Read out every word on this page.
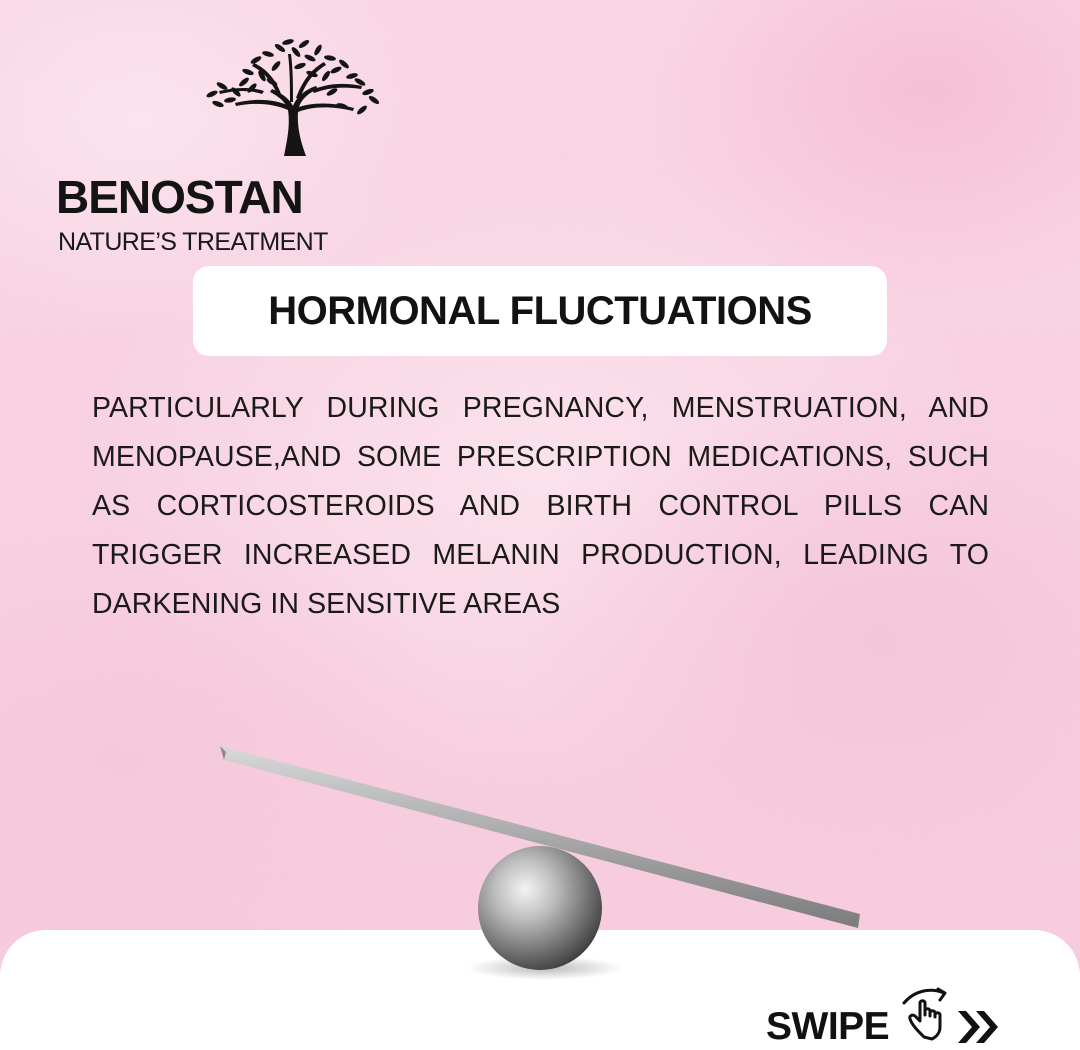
BENOSTAN
NATURE’S TREATMENT
HORMONAL FLUCTUATIONS

PARTICULARLY DURING PREGNANCY, MENSTRUATION, AND MENOPAUSE,AND SOME PRESCRIPTION MEDICATIONS, SUCH AS CORTICOSTEROIDS AND BIRTH CONTROL PILLS CAN TRIGGER INCREASED MELANIN PRODUCTION, LEADING TO DARKENING IN SENSITIVE AREAS

SWIPE
